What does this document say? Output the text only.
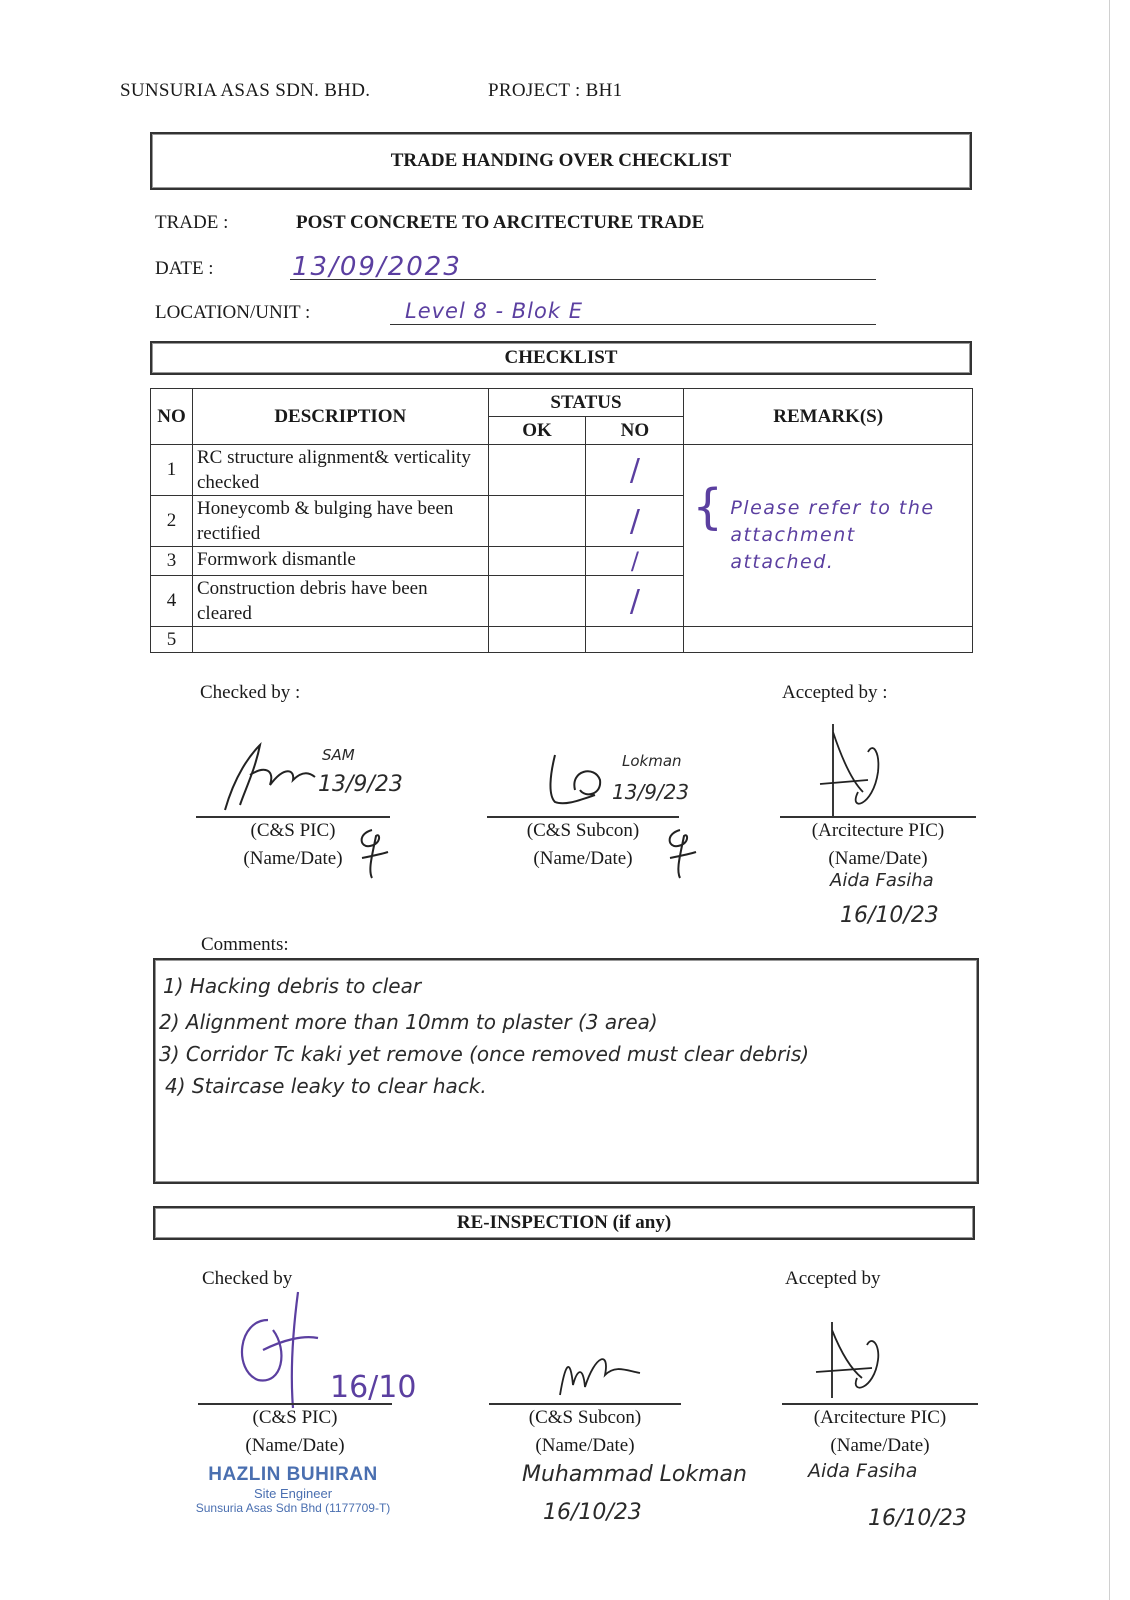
SUNSURIA ASAS SDN. BHD.	PROJECT : BH1
TRADE HANDING OVER CHECKLIST
TRADE :	POST CONCRETE TO ARCITECTURE TRADE
DATE :	13/09/2023
LOCATION/UNIT :	Level 8 - Blok E
CHECKLIST
NO	DESCRIPTION	STATUS		REMARK(S)
		OK	NO	
1	RC structure alignment& verticality checked		/	{ Please refer to the attachment attached.

2	Honeycomb & bulging have been rectified		/	
3	Formwork dismantle		/	
4	Construction debris have been cleared		/	
5				
Checked by :	Accepted by :
SAM
13/9/23
(C&S PIC)
(Name/Date)
Lokman
13/9/23
(C&S Subcon)
(Name/Date)
(Arcitecture PIC)
(Name/Date)
Aida Fasiha
16/10/23
Comments:
1) Hacking debris to clear
2) Alignment more than 10mm to plaster (3 area)
3) Corridor Tc kaki yet remove (once removed must clear debris)
4) Staircase leaky to clear hack.
RE-INSPECTION (if any)
Checked by	Accepted by
16/10
(C&S PIC)
(Name/Date)
HAZLIN BUHIRAN
Site Engineer
Sunsuria Asas Sdn Bhd (1177709-T)
(C&S Subcon)
(Name/Date)
Muhammad Lokman
16/10/23
(Arcitecture PIC)
(Name/Date)
Aida Fasiha
16/10/23
